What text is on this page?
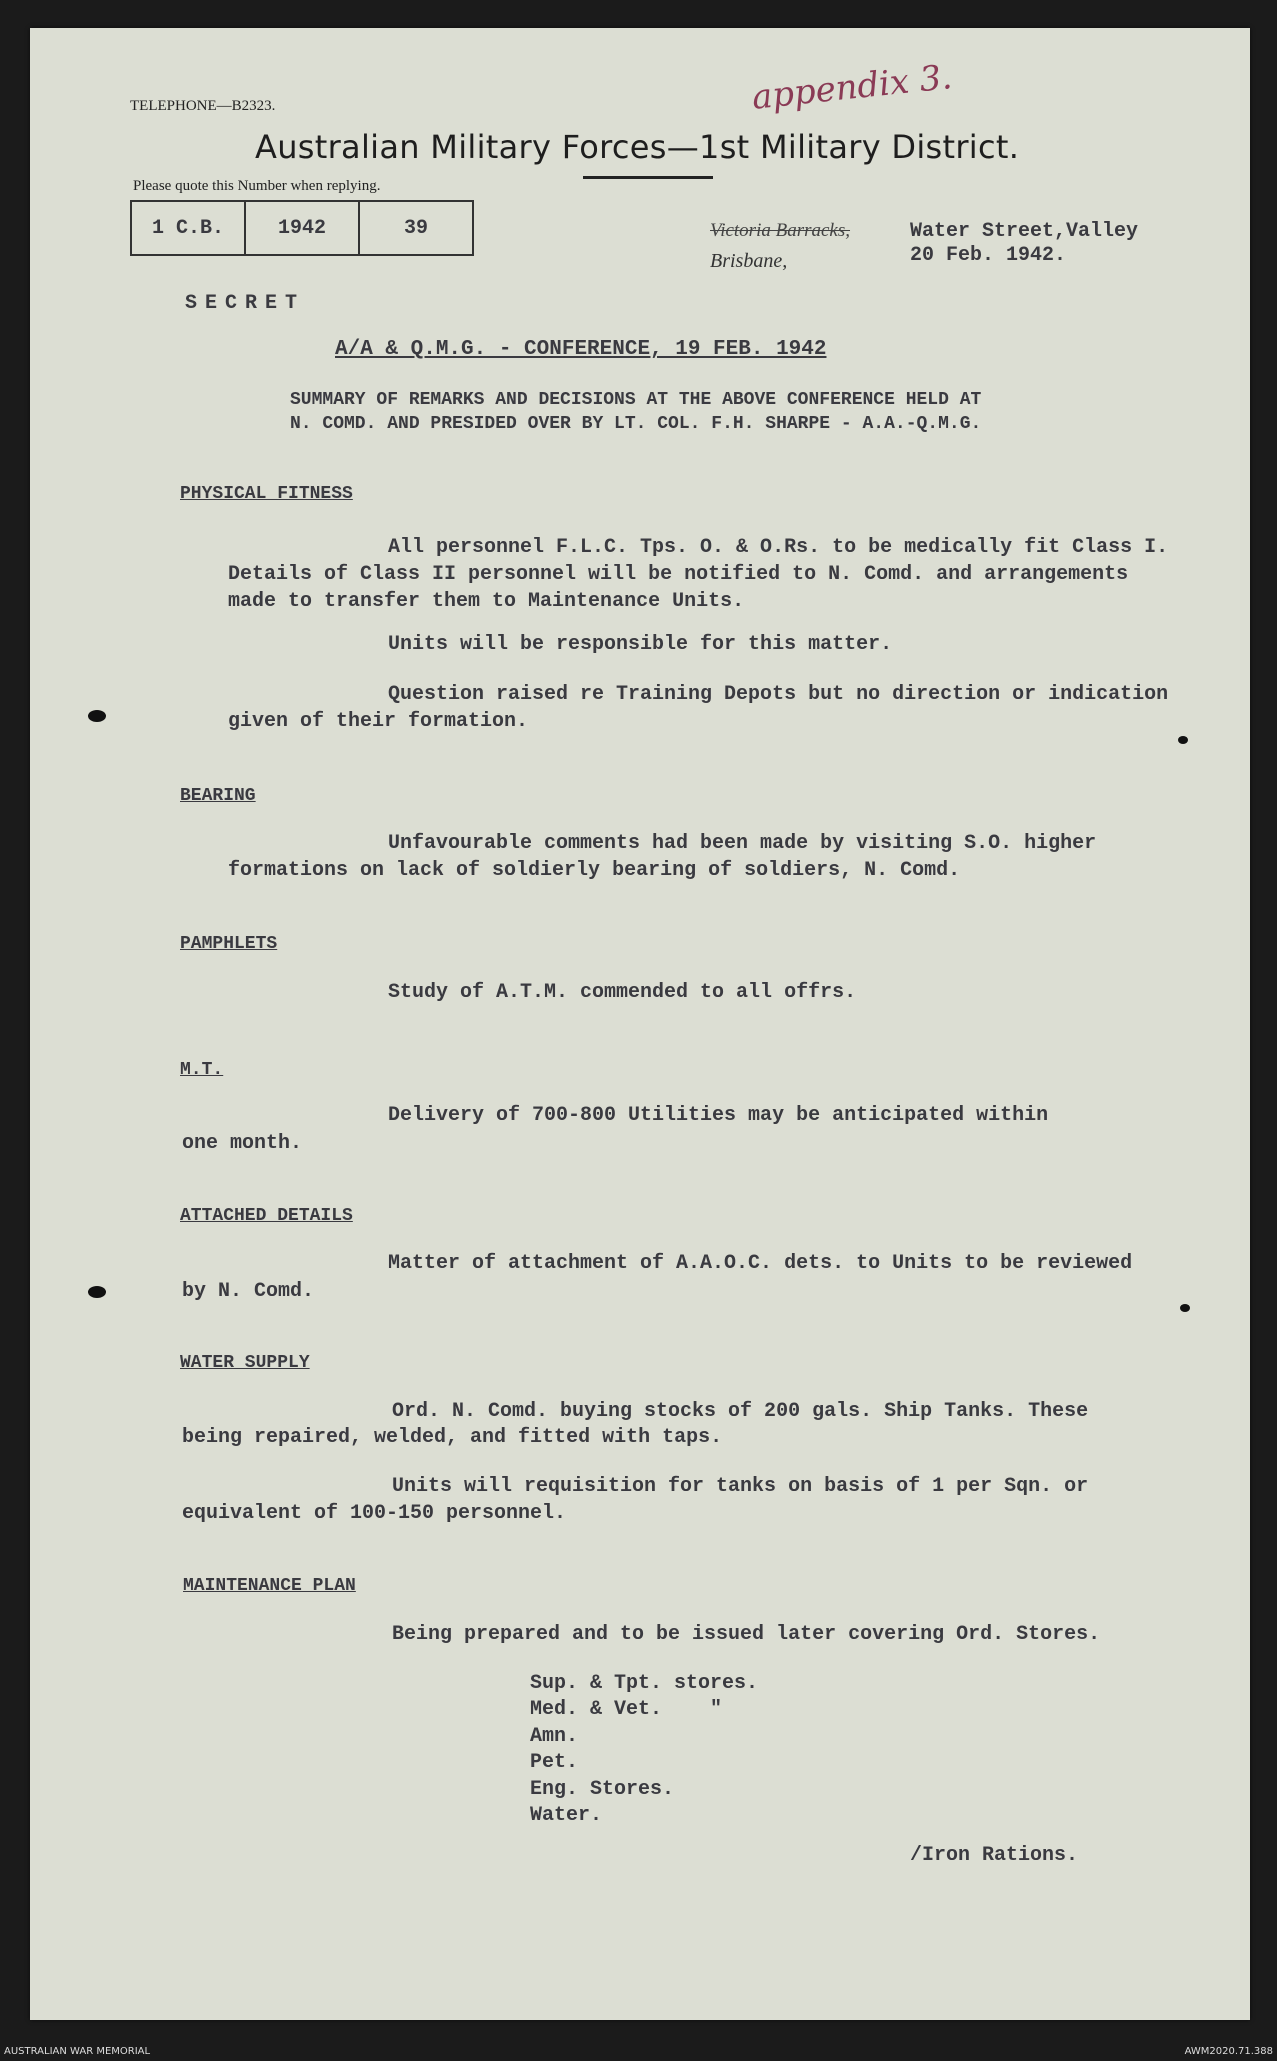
TELEPHONE—B2323.
Australian Military Forces—1st Military District.
Please quote this Number when replying.
1 C.B.	1942	39	Victoria Barracks,
Brisbane,
Water Street,Valley
20 Feb. 1942.
appendix 3.
SECRET
A/A & Q.M.G. - CONFERENCE, 19 FEB. 1942
SUMMARY OF REMARKS AND DECISIONS AT THE ABOVE CONFERENCE HELD AT
N. COMD. AND PRESIDED OVER BY LT. COL. F.H. SHARPE - A.A.-Q.M.G.
PHYSICAL FITNESS
All personnel F.L.C. Tps. O. & O.Rs. to be medically fit Class I.
Details of Class II personnel will be notified to N. Comd. and arrangements
made to transfer them to Maintenance Units.
Units will be responsible for this matter.
Question raised re Training Depots but no direction or indication
given of their formation.
BEARING
Unfavourable comments had been made by visiting S.O. higher
formations on lack of soldierly bearing of soldiers, N. Comd.
PAMPHLETS
Study of A.T.M. commended to all offrs.
M.T.
Delivery of 700-800 Utilities may be anticipated within
one month.
ATTACHED DETAILS
Matter of attachment of A.A.O.C. dets. to Units to be reviewed
by N. Comd.
WATER SUPPLY
Ord. N. Comd. buying stocks of 200 gals. Ship Tanks. These
being repaired, welded, and fitted with taps.
Units will requisition for tanks on basis of 1 per Sqn. or
equivalent of 100-150 personnel.
MAINTENANCE PLAN
Being prepared and to be issued later covering Ord. Stores.
Sup. & Tpt. stores.
Med. & Vet.    "
Amn.
Pet.
Eng. Stores.
Water.
/Iron Rations.
AUSTRALIAN WAR MEMORIAL	AWM2020.71.388
